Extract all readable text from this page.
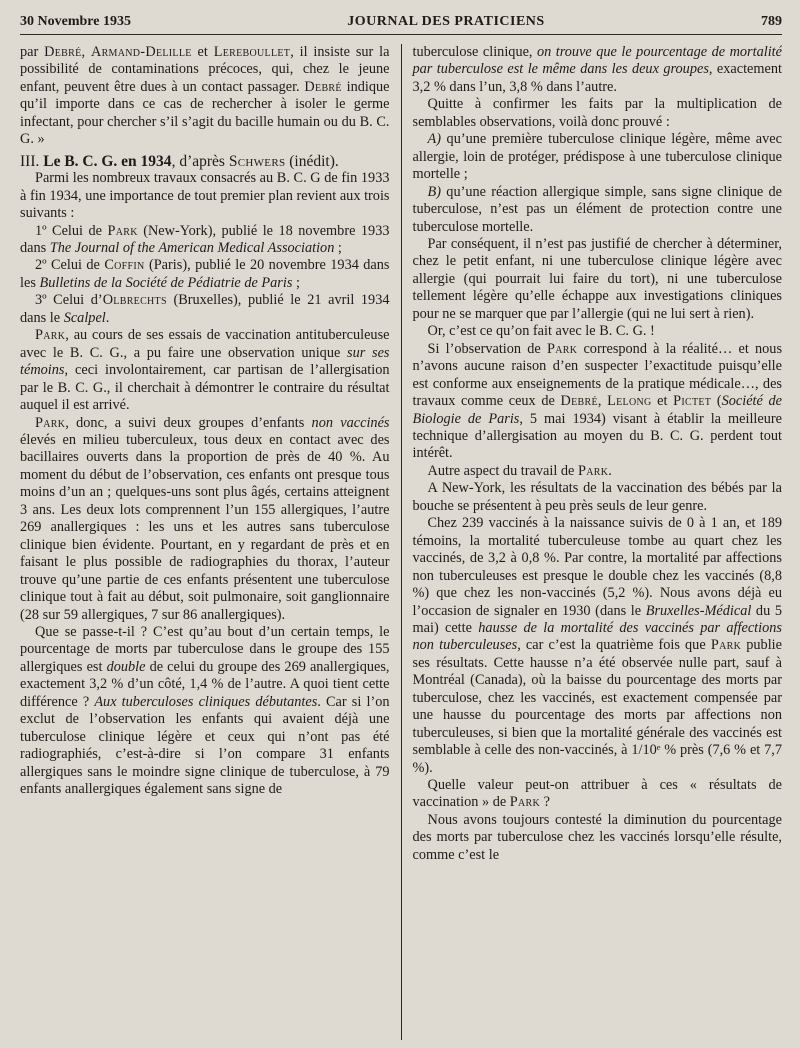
30 Novembre 1935	JOURNAL DES PRATICIENS	789

par Debré, Armand-Delille et Lereboullet, il insiste sur la possibilité de contaminations précoces, qui, chez le jeune enfant, peuvent être dues à un contact passager. Debré indique qu’il importe dans ce cas de rechercher à isoler le germe infectant, pour chercher s’il s’agit du bacille humain ou du B. C. G. »

III. Le B. C. G. en 1934, d’après Schwers (inédit).

Parmi les nombreux travaux consacrés au B. C. G de fin 1933 à fin 1934, une importance de tout premier plan revient aux trois suivants :

1º Celui de Park (New-York), publié le 18 novembre 1933 dans The Journal of the American Medical Association ;

2º Celui de Coffin (Paris), publié le 20 novembre 1934 dans les Bulletins de la Société de Pédiatrie de Paris ;

3º Celui d’Olbrechts (Bruxelles), publié le 21 avril 1934 dans le Scalpel.

Park, au cours de ses essais de vaccination antituberculeuse avec le B. C. G., a pu faire une observation unique sur ses témoins, ceci involontairement, car partisan de l’allergisation par le B. C. G., il cherchait à démontrer le contraire du résultat auquel il est arrivé.

Park, donc, a suivi deux groupes d’enfants non vaccinés élevés en milieu tuberculeux, tous deux en contact avec des bacillaires ouverts dans la proportion de près de 40 %. Au moment du début de l’observation, ces enfants ont presque tous moins d’un an ; quelques-uns sont plus âgés, certains atteignent 3 ans. Les deux lots comprennent l’un 155 allergiques, l’autre 269 anallergiques : les uns et les autres sans tuberculose clinique bien évidente. Pourtant, en y regardant de près et en faisant le plus possible de radiographies du thorax, l’auteur trouve qu’une partie de ces enfants présentent une tuberculose clinique tout à fait au début, soit pulmonaire, soit ganglionnaire (28 sur 59 allergiques, 7 sur 86 anallergiques).

Que se passe-t-il ? C’est qu’au bout d’un certain temps, le pourcentage de morts par tuberculose dans le groupe des 155 allergiques est double de celui du groupe des 269 anallergiques, exactement 3,2 % d’un côté, 1,4 % de l’autre. A quoi tient cette différence ? Aux tuberculoses cliniques débutantes. Car si l’on exclut de l’observation les enfants qui avaient déjà une tuberculose clinique légère et ceux qui n’ont pas été radiographiés, c’est-à-dire si l’on compare 31 enfants allergiques sans le moindre signe clinique de tuberculose, à 79 enfants anallergiques également sans signe de

tuberculose clinique, on trouve que le pourcentage de mortalité par tuberculose est le même dans les deux groupes, exactement 3,2 % dans l’un, 3,8 % dans l’autre.

Quitte à confirmer les faits par la multiplication de semblables observations, voilà donc prouvé :

A) qu’une première tuberculose clinique légère, même avec allergie, loin de protéger, prédispose à une tuberculose clinique mortelle ;

B) qu’une réaction allergique simple, sans signe clinique de tuberculose, n’est pas un élément de protection contre une tuberculose mortelle.

Par conséquent, il n’est pas justifié de chercher à déterminer, chez le petit enfant, ni une tuberculose clinique légère avec allergie (qui pourrait lui faire du tort), ni une tuberculose tellement légère qu’elle échappe aux investigations cliniques pour ne se marquer que par l’allergie (qui ne lui sert à rien).

Or, c’est ce qu’on fait avec le B. C. G. !

Si l’observation de Park correspond à la réalité… et nous n’avons aucune raison d’en suspecter l’exactitude puisqu’elle est conforme aux enseignements de la pratique médicale…, des travaux comme ceux de Debré, Lelong et Pictet (Société de Biologie de Paris, 5 mai 1934) visant à établir la meilleure technique d’allergisation au moyen du B. C. G. perdent tout intérêt.

Autre aspect du travail de Park.

A New-York, les résultats de la vaccination des bébés par la bouche se présentent à peu près seuls de leur genre.

Chez 239 vaccinés à la naissance suivis de 0 à 1 an, et 189 témoins, la mortalité tuberculeuse tombe au quart chez les vaccinés, de 3,2 à 0,8 %. Par contre, la mortalité par affections non tuberculeuses est presque le double chez les vaccinés (8,8 %) que chez les non-vaccinés (5,2 %). Nous avons déjà eu l’occasion de signaler en 1930 (dans le Bruxelles-Médical du 5 mai) cette hausse de la mortalité des vaccinés par affections non tuberculeuses, car c’est la quatrième fois que Park publie ses résultats. Cette hausse n’a été observée nulle part, sauf à Montréal (Canada), où la baisse du pourcentage des morts par tuberculose, chez les vaccinés, est exactement compensée par une hausse du pourcentage des morts par affections non tuberculeuses, si bien que la mortalité générale des vaccinés est semblable à celle des non-vaccinés, à 1/10ᵉ % près (7,6 % et 7,7 %).

Quelle valeur peut-on attribuer à ces « résultats de vaccination » de Park ?

Nous avons toujours contesté la diminution du pourcentage des morts par tuberculose chez les vaccinés lorsqu’elle résulte, comme c’est le
